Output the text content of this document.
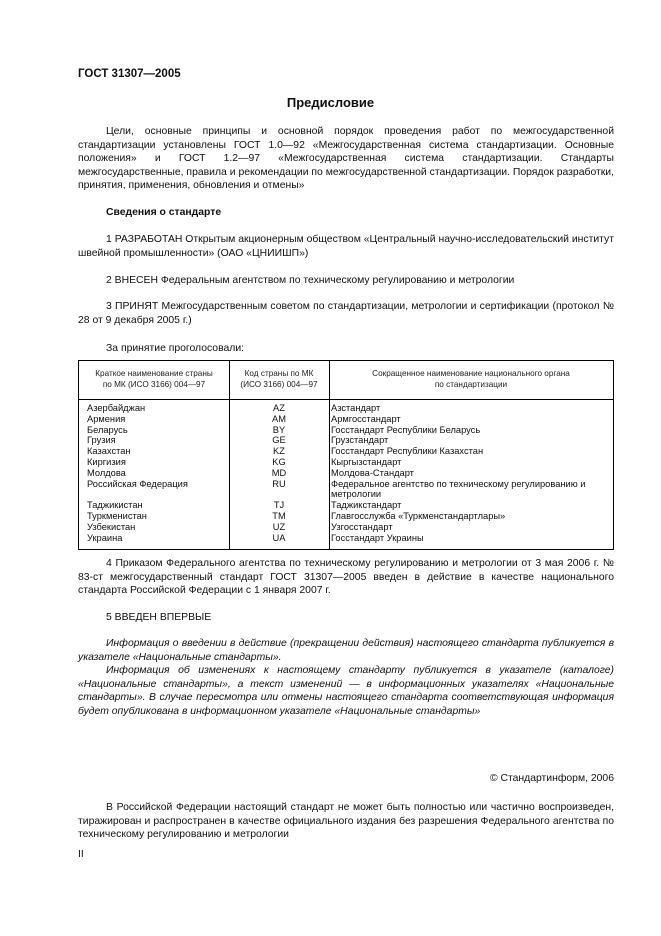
ГОСТ 31307—2005
Предисловие

Цели, основные принципы и основной порядок проведения работ по межгосударственной стандартизации установлены ГОСТ 1.0—92 «Межгосударственная система стандартизации. Основные положения» и ГОСТ 1.2—97 «Межгосударственная система стандартизации. Стандарты межгосударственные, правила и рекомендации по межгосударственной стандартизации. Порядок разработки, принятия, применения, обновления и отмены»

Сведения о стандарте

1 РАЗРАБОТАН Открытым акционерным обществом «Центральный научно-исследовательский институт швейной промышленности» (ОАО «ЦНИИШП»)

2 ВНЕСЕН Федеральным агентством по техническому регулированию и метрологии

3 ПРИНЯТ Межгосударственным советом по стандартизации, метрологии и сертификации (протокол № 28 от 9 декабря 2005 г.)

За принятие проголосовали:

Краткое наименование страны
по МК (ИСО 3166) 004—97
Код страны по МК
(ИСО 3166) 004—97
Сокращенное наименование национального органа
по стандартизации
Азербайджан	AZ	Азстандарт
Армения	AM	Армгосстандарт
Беларусь	BY	Госстандарт Республики Беларусь
Грузия	GE	Грузстандарт
Казахстан	KZ	Госстандарт Республики Казахстан
Киргизия	KG	Кыргызстандарт
Молдова	MD	Молдова-Стандарт
Российская Федерация	RU	Федеральное агентство по техническому регулированию и
метрологии
Таджикистан	TJ	Таджикстандарт
Туркменистан	TM	Главгосслужба «Туркменстандартлары»
Узбекистан	UZ	Узгосстандарт
Украина	UA	Госстандарт Украины

4 Приказом Федерального агентства по техническому регулированию и метрологии от 3 мая 2006 г. № 83-ст межгосударственный стандарт ГОСТ 31307—2005 введен в действие в качестве национального стандарта Российской Федерации с 1 января 2007 г.

5 ВВЕДЕН ВПЕРВЫЕ

Информация о введении в действие (прекращении действия) настоящего стандарта публикуется в указателе «Национальные стандарты».

Информация об изменениях к настоящему стандарту публикуется в указателе (каталоге) «Национальные стандарты», а текст изменений — в информационных указателях «Национальные стандарты». В случае пересмотра или отмены настоящего стандарта соответствующая информация будет опубликована в информационном указателе «Национальные стандарты»

© Стандартинформ, 2006

В Российской Федерации настоящий стандарт не может быть полностью или частично воспроизведен, тиражирован и распространен в качестве официального издания без разрешения Федерального агентства по техническому регулированию и метрологии

II
